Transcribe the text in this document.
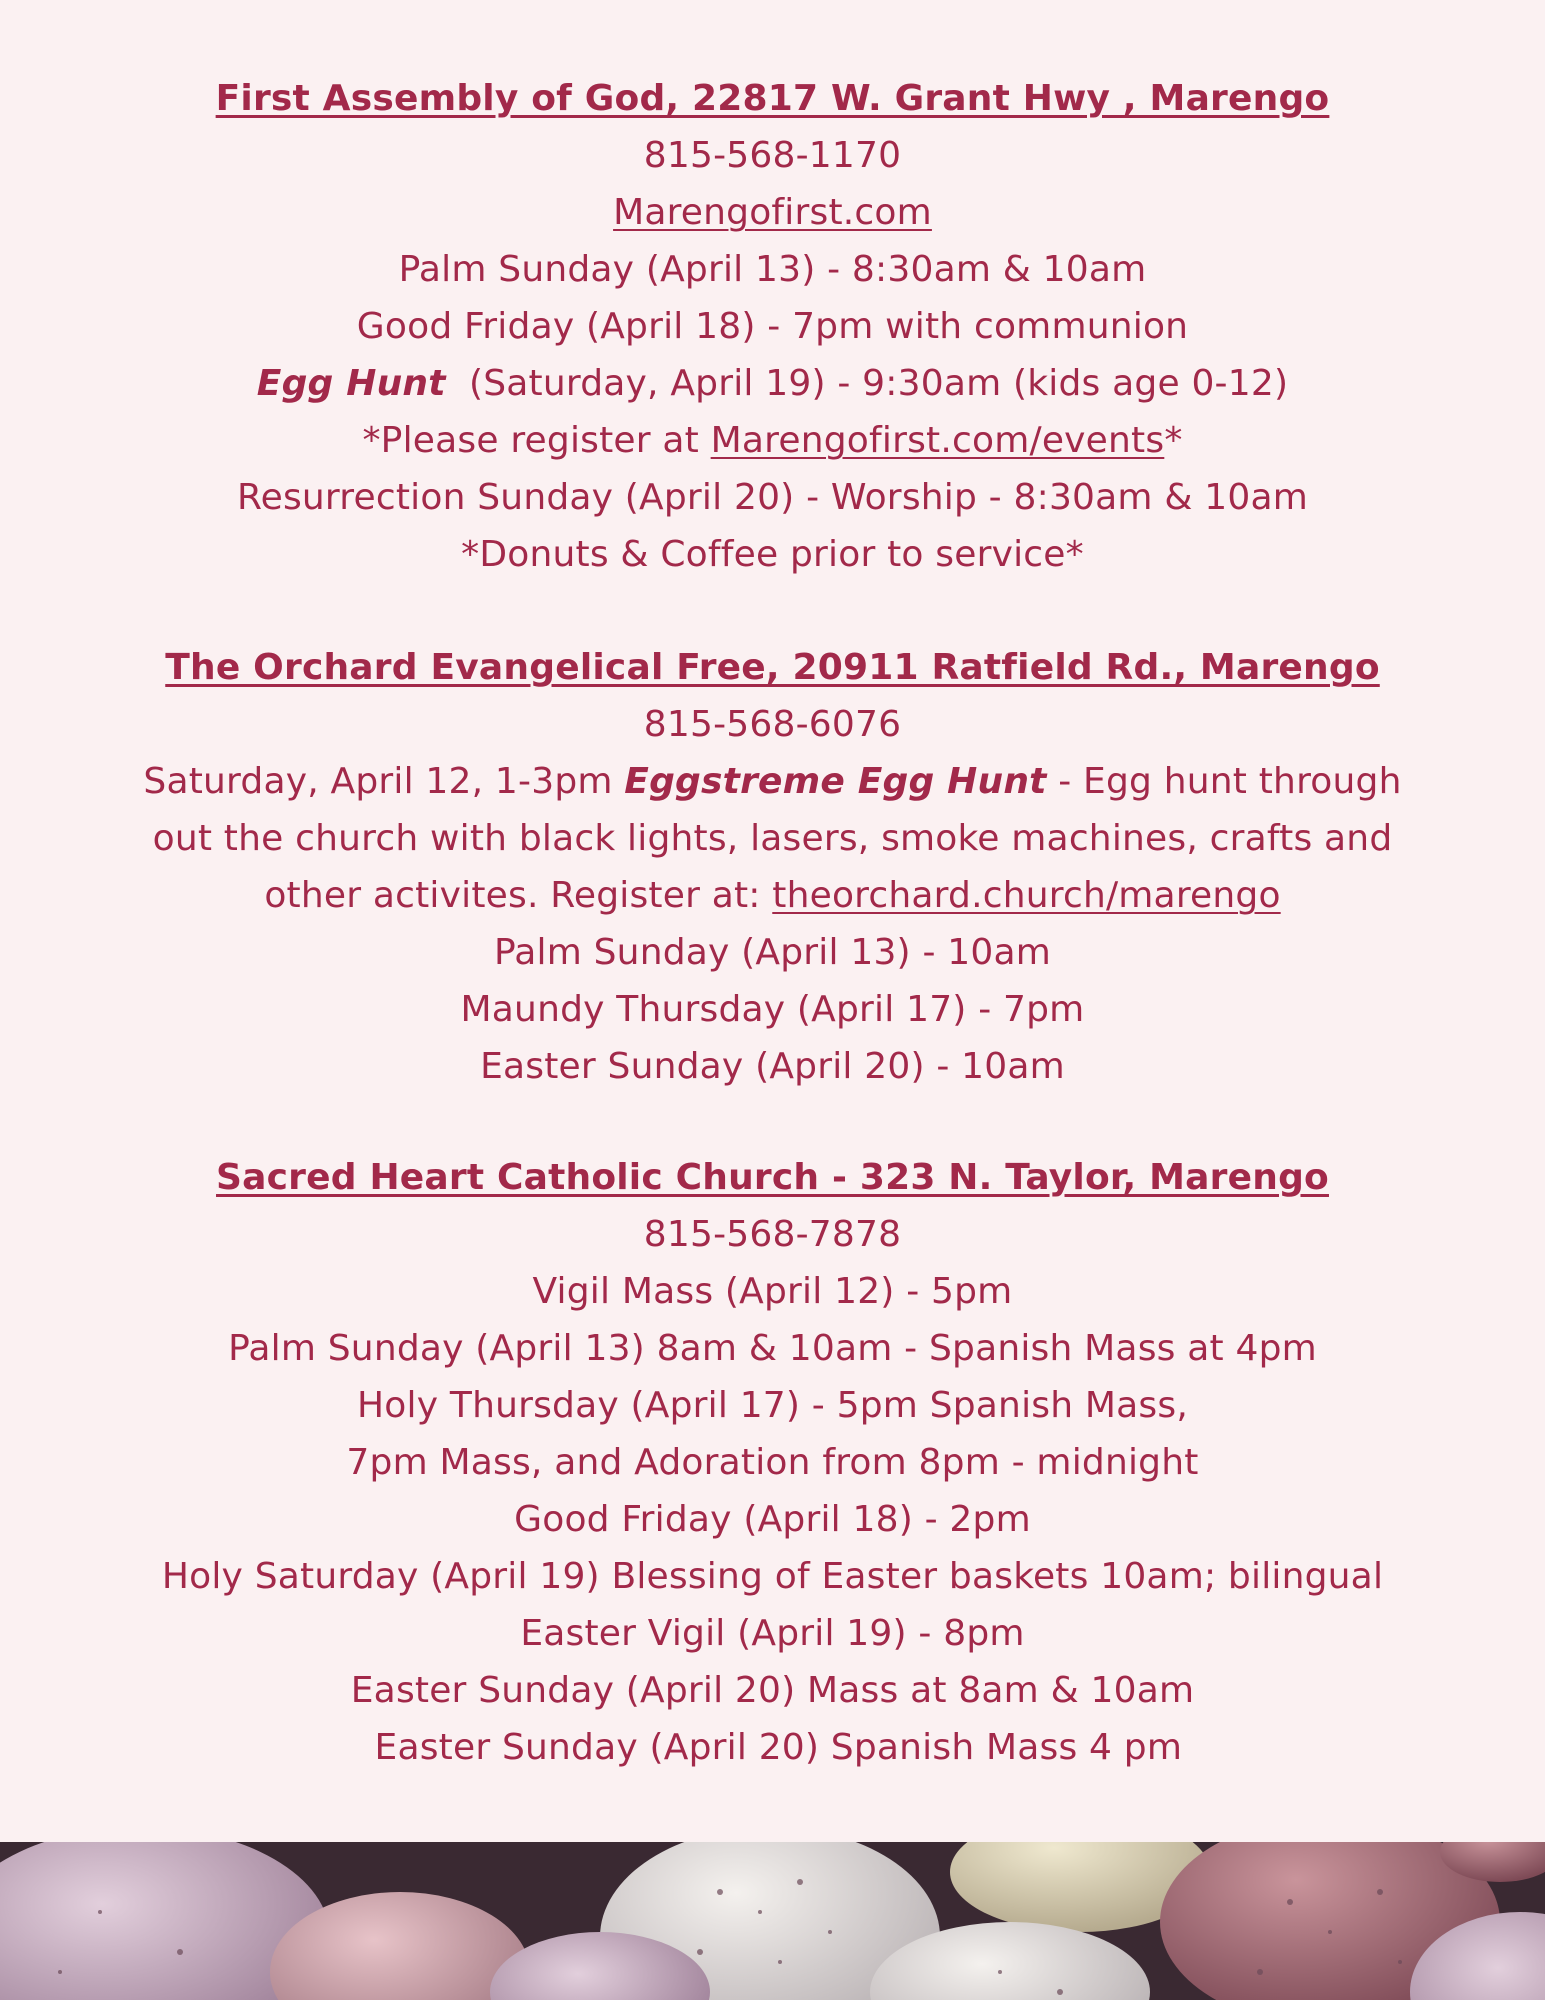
First Assembly of God, 22817 W. Grant Hwy , Marengo
815-568-1170
Marengofirst.com
Palm Sunday (April 13) - 8:30am & 10am
Good Friday (April 18) - 7pm with communion
Egg Hunt  (Saturday, April 19) - 9:30am (kids age 0-12)
*Please register at Marengofirst.com/events*
Resurrection Sunday (April 20) - Worship - 8:30am & 10am
*Donuts & Coffee prior to service*
The Orchard Evangelical Free, 20911 Ratfield Rd., Marengo
815-568-6076
Saturday, April 12, 1-3pm Eggstreme Egg Hunt - Egg hunt through
out the church with black lights, lasers, smoke machines, crafts and
other activites. Register at: theorchard.church/marengo
Palm Sunday (April 13) - 10am
Maundy Thursday (April 17) - 7pm
Easter Sunday (April 20) - 10am
Sacred Heart Catholic Church - 323 N. Taylor, Marengo
815-568-7878
Vigil Mass (April 12) - 5pm
Palm Sunday (April 13) 8am & 10am - Spanish Mass at 4pm
Holy Thursday (April 17) - 5pm Spanish Mass,
7pm Mass, and Adoration from 8pm - midnight
Good Friday (April 18) - 2pm
Holy Saturday (April 19) Blessing of Easter baskets 10am; bilingual
Easter Vigil (April 19) - 8pm
Easter Sunday (April 20) Mass at 8am & 10am
Easter Sunday (April 20) Spanish Mass 4 pm
